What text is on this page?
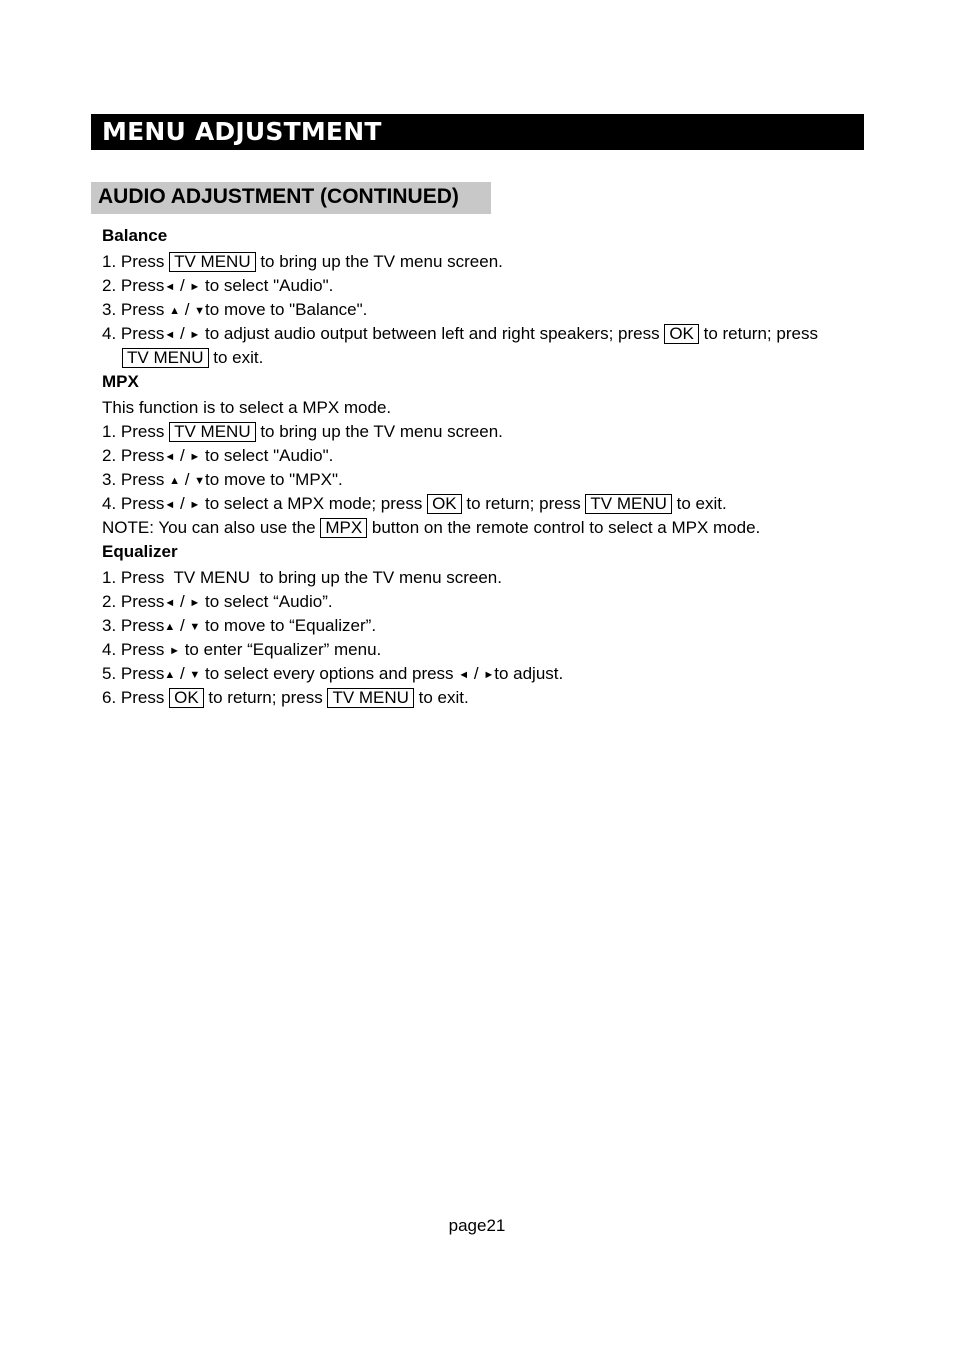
MENU ADJUSTMENT
AUDIO ADJUSTMENT (CONTINUED)
Balance
1. Press TV MENU to bring up the TV menu screen.
2. Press◄ / ► to select "Audio".
3. Press ▲ / ▼to move to "Balance".
4. Press◄ / ► to adjust audio output between left and right speakers; press OK to return; press
TV MENU to exit.
MPX
This function is to select a MPX mode.
1. Press TV MENU to bring up the TV menu screen.
2. Press◄ / ► to select "Audio".
3. Press ▲ / ▼to move to "MPX".
4. Press◄ / ► to select a MPX mode; press OK to return; press TV MENU to exit.
NOTE: You can also use the MPX button on the remote control to select a MPX mode.
Equalizer
1. Press  TV MENU  to bring up the TV menu screen.
2. Press◄ / ► to select “Audio”.
3. Press▲ / ▼ to move to “Equalizer”.
4. Press ► to enter “Equalizer” menu.
5. Press▲ / ▼ to select every options and press ◄ / ►to adjust.
6. Press OK to return; press TV MENU to exit.
page21
